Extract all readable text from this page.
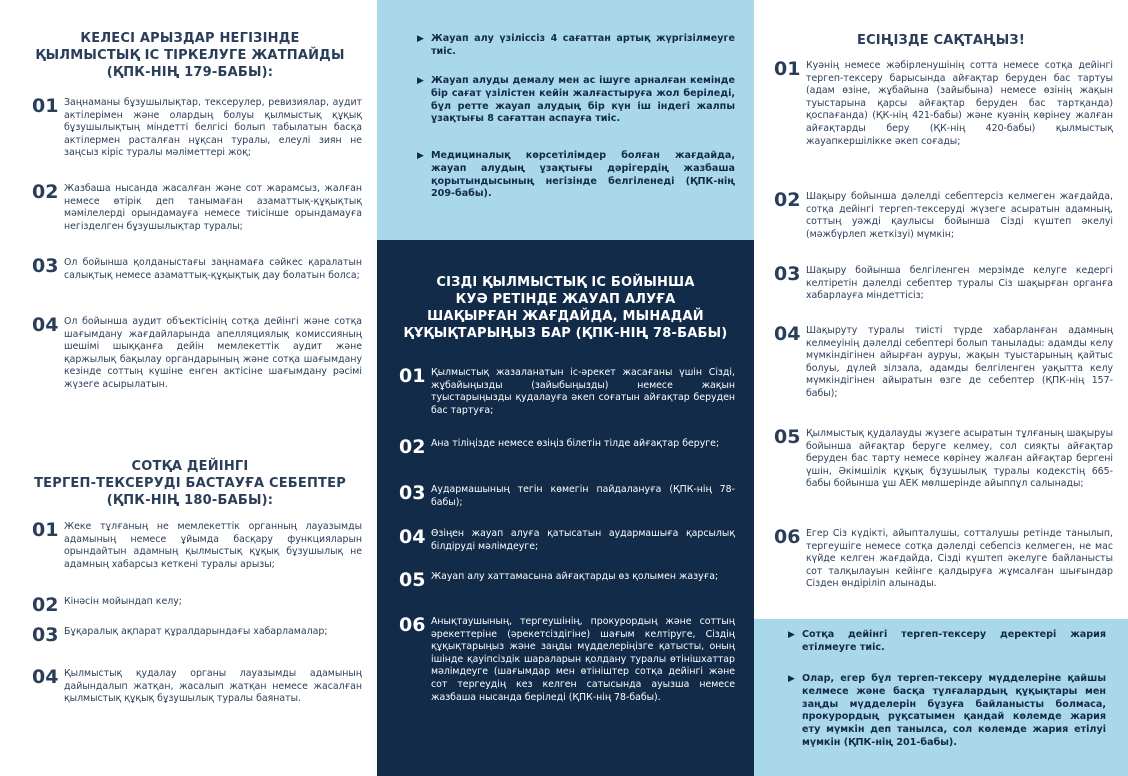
КЕЛЕСІ АРЫЗДАР НЕГІЗІНДЕ
ҚЫЛМЫСТЫҚ ІС ТІРКЕЛУГЕ ЖАТПАЙДЫ
(ҚПК-НІҢ 179-БАБЫ):
01 Заңнаманы бұзушылықтар, тексерулер, ревизиялар, аудит актілерімен және олардың болуы қылмыстық құқық бұзушылықтың міндетті белгісі болып табылатын басқа актілермен расталған нұқсан туралы, елеулі зиян не заңсыз кіріс туралы мәліметтері жоқ;
02 Жазбаша нысанда жасалған және сот жарамсыз, жалған немесе өтірік деп танымаған азаматтық-құқықтық мәмілелерді орындамауға немесе тиісінше орындамауға негізделген бұзушылықтар туралы;
03 Ол бойынша қолданыстағы заңнамаға сәйкес қаралатын салықтық немесе азаматтық-құқықтық дау болатын болса;
04 Ол бойынша аудит объектісінің сотқа дейінгі және сотқа шағымдану жағдайларында апелляциялық комиссияның шешімі шыққанға дейін мемлекеттік аудит және қаржылық бақылау органдарының және сотқа шағымдану кезінде соттың күшіне енген актісіне шағымдану рәсімі жүзеге асырылатын.
СОТҚА ДЕЙІНГІ
ТЕРГЕП-ТЕКСЕРУДІ БАСТАУҒА СЕБЕПТЕР
(ҚПК-НІҢ 180-БАБЫ):
01 Жеке тұлғаның не мемлекеттік органның лауазымды адамының немесе ұйымда басқару функцияларын орындайтын адамның қылмыстық құқық бұзушылық не адамның хабарсыз кеткені туралы арызы;
02 Кінәсін мойындап келу;
03 Бұқаралық ақпарат құралдарындағы хабарламалар;
04 Қылмыстық қудалау органы лауазымды адамының дайындалып жатқан, жасалып жатқан немесе жасалған қылмыстық құқық бұзушылық туралы баянаты.
▶ Жауап алу үзіліссіз 4 сағаттан артық жүргізілмеуге тиіс.
▶ Жауап алуды демалу мен ас ішуге арналған кемінде бір сағат үзілістен кейін жалғастыруға жол беріледі, бұл ретте жауап алудың бір күн іш індегі жалпы ұзақтығы 8 сағаттан аспауға тиіс.
▶ Медициналық көрсетілімдер болған жағдайда, жауап алудың ұзақтығы дәрігердің жазбаша қорытындысының негізінде белгіленеді (ҚПК-нің 209-бабы).
СІЗДІ ҚЫЛМЫСТЫҚ ІС БОЙЫНША
КУӘ РЕТІНДЕ ЖАУАП АЛУҒА
ШАҚЫРҒАН ЖАҒДАЙДА, МЫНАДАЙ
ҚҰҚЫҚТАРЫҢЫЗ БАР (ҚПК-НІҢ 78-БАБЫ)
01 Қылмыстық жазаланатын іс-әрекет жасағаны үшін Сізді, жұбайыңызды (зайыбыңызды) немесе жақын туыстарыңызды қудалауға әкеп соғатын айғақтар беруден бас тартуға;
02 Ана тіліңізде немесе өзіңіз білетін тілде айғақтар беруге;
03 Аудармашының тегін көмегін пайдалануға (ҚПК-нің 78-бабы);
04 Өзіңен жауап алуға қатысатын аудармашыға қарсылық білдіруді мәлімдеуге;
05 Жауап алу хаттамасына айғақтарды өз қолымен жазуға;
06 Анықтаушының, тергеушінің, прокурордың және соттың әрекеттеріне (әрекетсіздігіне) шағым келтіруге, Сіздің құқықтарыңыз және заңды мүдделеріңізге қатысты, оның ішінде қауіпсіздік шараларын қолдану туралы өтінішхаттар мәлімдеуге (шағымдар мен өтініштер сотқа дейінгі және сот тергеудің кез келген сатысында ауызша немесе жазбаша нысанда беріледі (ҚПК-нің 78-бабы).
ЕСІҢІЗДЕ САҚТАҢЫЗ!
01 Куәнің немесе жәбірленушінің сотта немесе сотқа дейінгі тергеп-тексеру барысында айғақтар беруден бас тартуы (адам өзіне, жұбайына (зайыбына) немесе өзінің жақын туыстарына қарсы айғақтар беруден бас тартқанда) қоспағанда) (ҚК-нің 421-бабы) және куәнің көрінеу жалған айғақтарды беру (ҚК-нің 420-бабы) қылмыстық жауапкершілікке әкеп соғады;
02 Шақыру бойынша дәлелді себептерсіз келмеген жағдайда, сотқа дейінгі тергеп-тексеруді жүзеге асыратын адамның, соттың уәжді қаулысы бойынша Сізді күштеп әкелуі (мәжбүрлеп жеткізуі) мүмкін;
03 Шақыру бойынша белгіленген мерзімде келуге кедергі келтіретін дәлелді себептер туралы Сіз шақырған органға хабарлауға міндеттісіз;
04 Шақыруту туралы тиісті түрде хабарланған адамның келмеуінің дәлелді себептері болып танылады: адамды келу мүмкіндігінен айырған ауруы, жақын туыстарының қайтыс болуы, дүлей зілзала, адамды белгіленген уақытта келу мүмкіндігінен айыратын өзге де себептер (ҚПК-нің 157-бабы);
05 Қылмыстық қудалауды жүзеге асыратын тұлғаның шақыруы бойынша айғақтар беруге келмеу, сол сияқты айғақтар беруден бас тарту немесе көрінеу жалған айғақтар бергені үшін, Әкімшілік құқық бұзушылық туралы кодекстің 665-бабы бойынша ұш АЕК мөлшерінде айыппұл салынады;
06 Егер Сіз күдікті, айыпталушы, сотталушы ретінде танылып, тергеушіге немесе сотқа дәлелді себепсіз келмеген, не мас күйде келген жағдайда, Сізді күштеп әкелуге байланысты сот талқылауын кейінге қалдыруға жұмсалған шығындар Сізден өндіріліп алынады.
▶ Сотқа дейінгі тергеп-тексеру деректері жария етілмеуге тиіс.
▶ Олар, егер бұл тергеп-тексеру мүдделеріне қайшы келмесе және басқа тұлғалардың құқықтары мен заңды мүдделерін бұзуға байланысты болмаса, прокурордың рұқсатымен қандай көлемде жария ету мүмкін деп танылса, сол көлемде жария етілуі мүмкін (ҚПК-нің 201-бабы).
